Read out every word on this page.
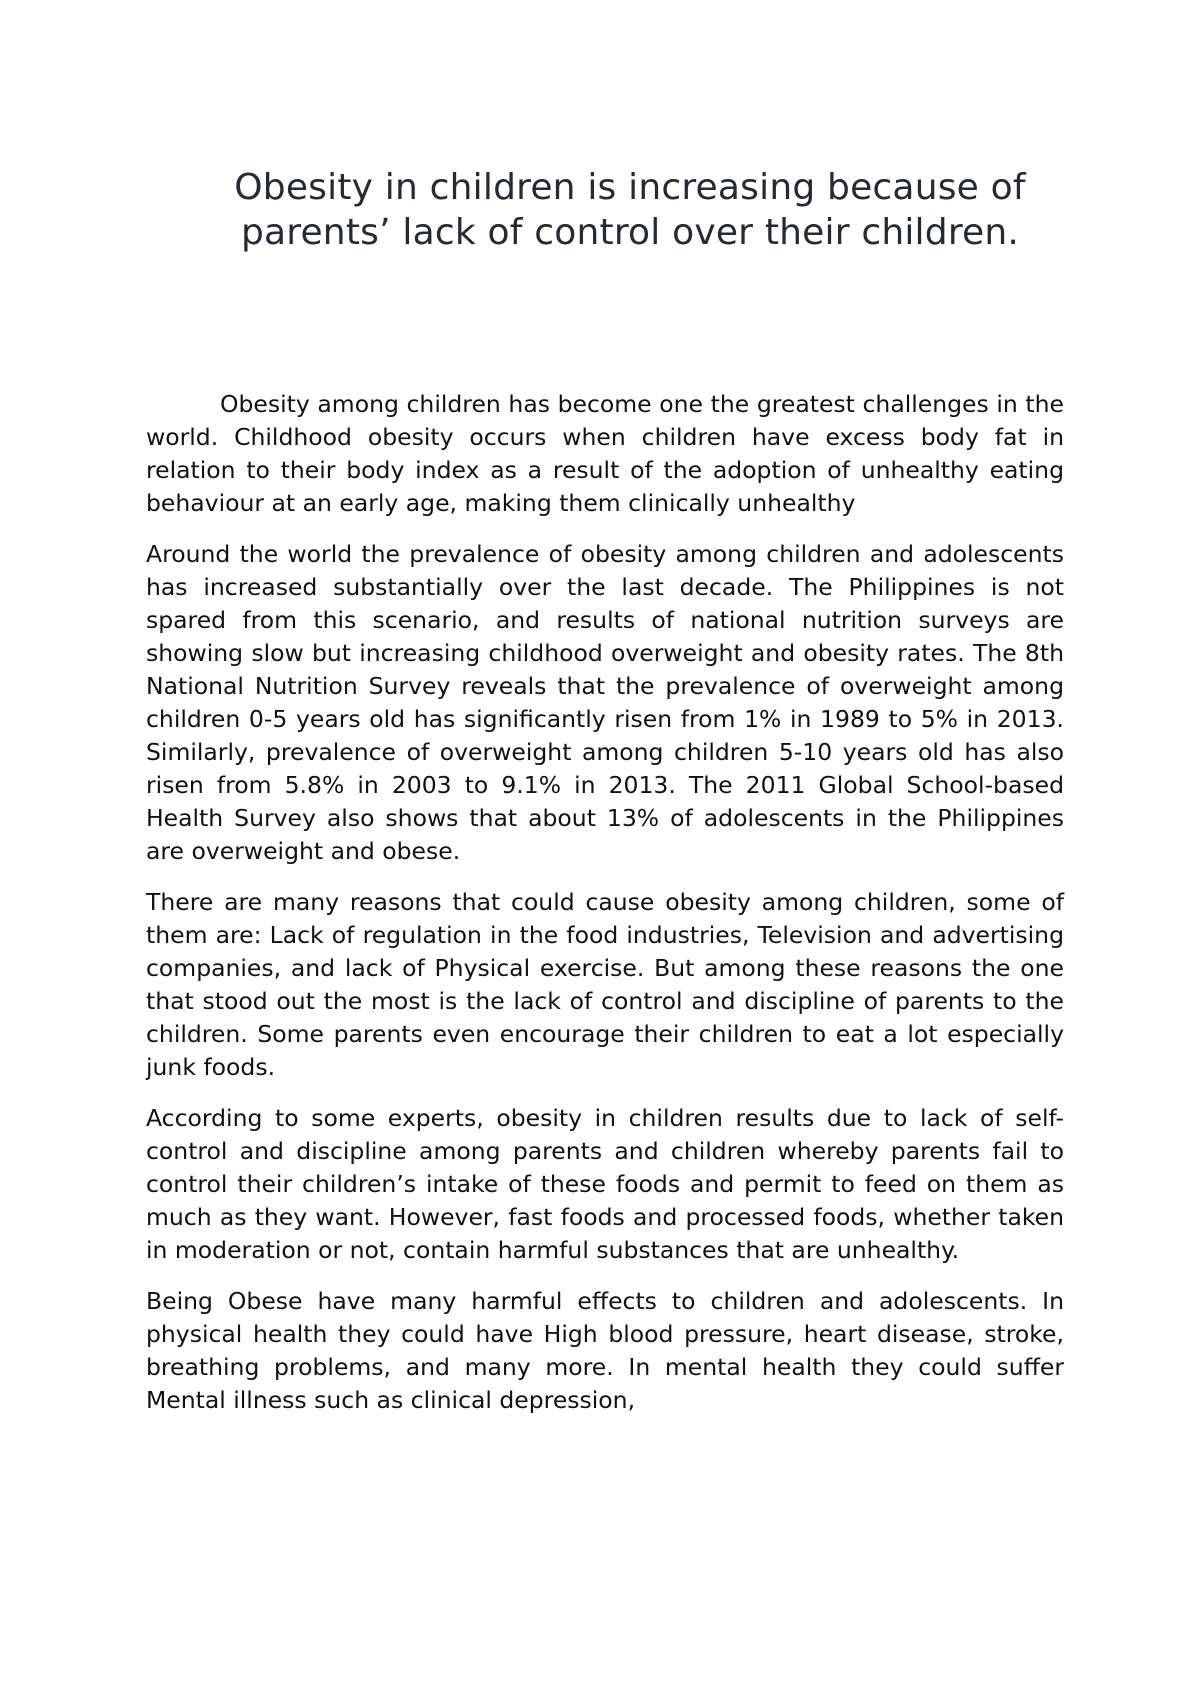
Obesity in children is increasing because of parents’ lack of control over their children.

Obesity among children has become one the greatest challenges in the world. Childhood obesity occurs when children have excess body fat in relation to their body index as a result of the adoption of unhealthy eating behaviour at an early age, making them clinically unhealthy

Around the world the prevalence of obesity among children and adolescents has increased substantially over the last decade. The Philippines is not spared from this scenario, and results of national nutrition surveys are showing slow but increasing childhood overweight and obesity rates. The 8th National Nutrition Survey reveals that the prevalence of overweight among children 0-5 years old has significantly risen from 1% in 1989 to 5% in 2013. Similarly, prevalence of overweight among children 5-10 years old has also risen from 5.8% in 2003 to 9.1% in 2013. The 2011 Global School-based Health Survey also shows that about 13% of adolescents in the Philippines are overweight and obese.

There are many reasons that could cause obesity among children, some of them are: Lack of regulation in the food industries, Television and advertising companies, and lack of Physical exercise. But among these reasons the one that stood out the most is the lack of control and discipline of parents to the children. Some parents even encourage their children to eat a lot especially junk foods.

According to some experts, obesity in children results due to lack of self-control and discipline among parents and children whereby parents fail to control their children’s intake of these foods and permit to feed on them as much as they want. However, fast foods and processed foods, whether taken in moderation or not, contain harmful substances that are unhealthy.

Being Obese have many harmful effects to children and adolescents. In physical health they could have High blood pressure, heart disease, stroke, breathing problems, and many more. In mental health they could suffer Mental illness such as clinical depression,
